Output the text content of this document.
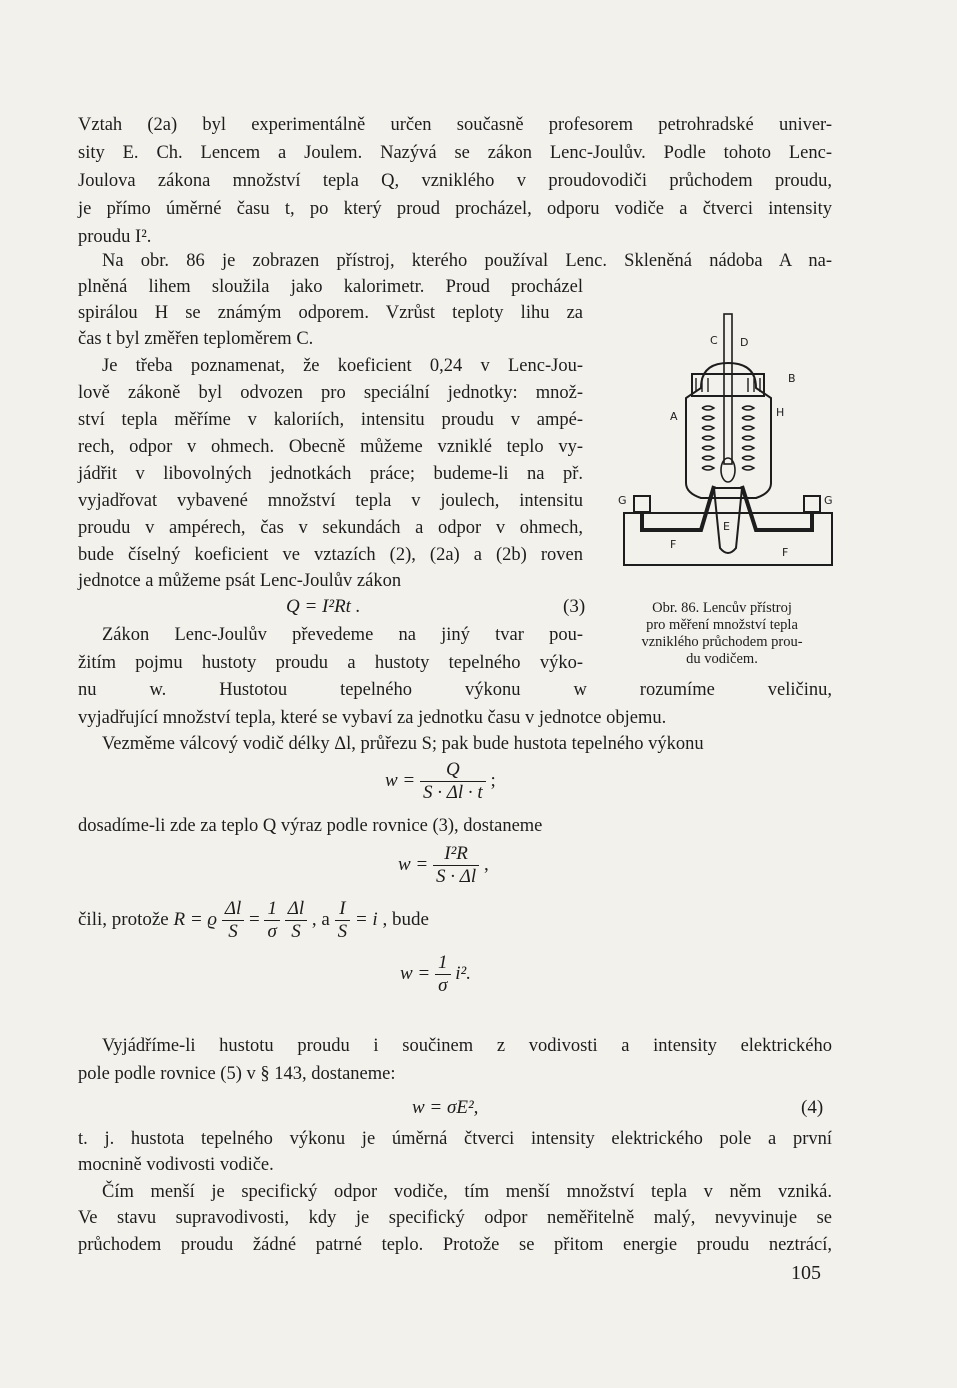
Vztah (2a) byl experimentálně určen současně profesorem petrohradské univer-
sity E. Ch. Lencem a Joulem. Nazývá se zákon Lenc-Joulův. Podle tohoto Lenc-
Joulova zákona množství tepla Q, vzniklého v proudovodiči průchodem proudu,
je přímo úměrné času t, po který proud procházel, odporu vodiče a čtverci intensity
proudu I².
Na obr. 86 je zobrazen přístroj, kterého používal Lenc. Skleněná nádoba A na-
plněná lihem sloužila jako kalorimetr. Proud procházel
spirálou H se známým odporem. Vzrůst teploty lihu za
čas t byl změřen teploměrem C.
Je třeba poznamenat, že koeficient 0,24 v Lenc-Jou-
lově zákoně byl odvozen pro speciální jednotky: množ-
ství tepla měříme v kaloriích, intensitu proudu v ampé-
rech, odpor v ohmech. Obecně můžeme vzniklé teplo vy-
jádřit v libovolných jednotkách práce; budeme-li na př.
vyjadřovat vybavené množství tepla v joulech, intensitu
proudu v ampérech, čas v sekundách a odpor v ohmech,
bude číselný koeficient ve vztazích (2), (2a) a (2b) roven
jednotce a můžeme psát Lenc-Joulův zákon
Q = I²Rt .	(3)
Zákon Lenc-Joulův převedeme na jiný tvar pou-
žitím pojmu hustoty proudu a hustoty tepelného výko-
nu w. Hustotou tepelného výkonu w rozumíme veličinu,
vyjadřující množství tepla, které se vybaví za jednotku času v jednotce objemu.
Vezměme válcový vodič délky Δl, průřezu S; pak bude hustota tepelného výkonu
$w = \frac{Q}{S \cdot \Delta l \cdot t}$ ;
dosadíme-li zde za teplo Q výraz podle rovnice (3), dostaneme
$w = \frac{\text{I²R}}{S \cdot \Delta l}$ ,
čili, protože R = ϱ $\frac{\Delta l}{S} = \frac{1}{\sigma}$
$\frac{\Delta l}{S}$ , a $\frac{I}{S} = i$ , bude
$w = \frac{1}{\sigma} i^2$.
Vyjádříme-li hustotu proudu i součinem z vodivosti a intensity elektrického
pole podle rovnice (5) v § 143, dostaneme:
w = σE²,	(4)
t. j. hustota tepelného výkonu je úměrná čtverci intensity elektrického pole a první
mocnině vodivosti vodiče.
Čím menší je specifický odpor vodiče, tím menší množství tepla v něm vzniká.
Ve stavu supravodivosti, kdy je specifický odpor neměřitelně malý, nevyvinuje se
průchodem proudu žádné patrné teplo. Protože se přitom energie proudu neztrácí,
C D
B
A	H
G	G
E
F
F
Obr. 86. Lencův přístroj
pro měření množství tepla
vzniklého průchodem prou-
du vodičem.
105
